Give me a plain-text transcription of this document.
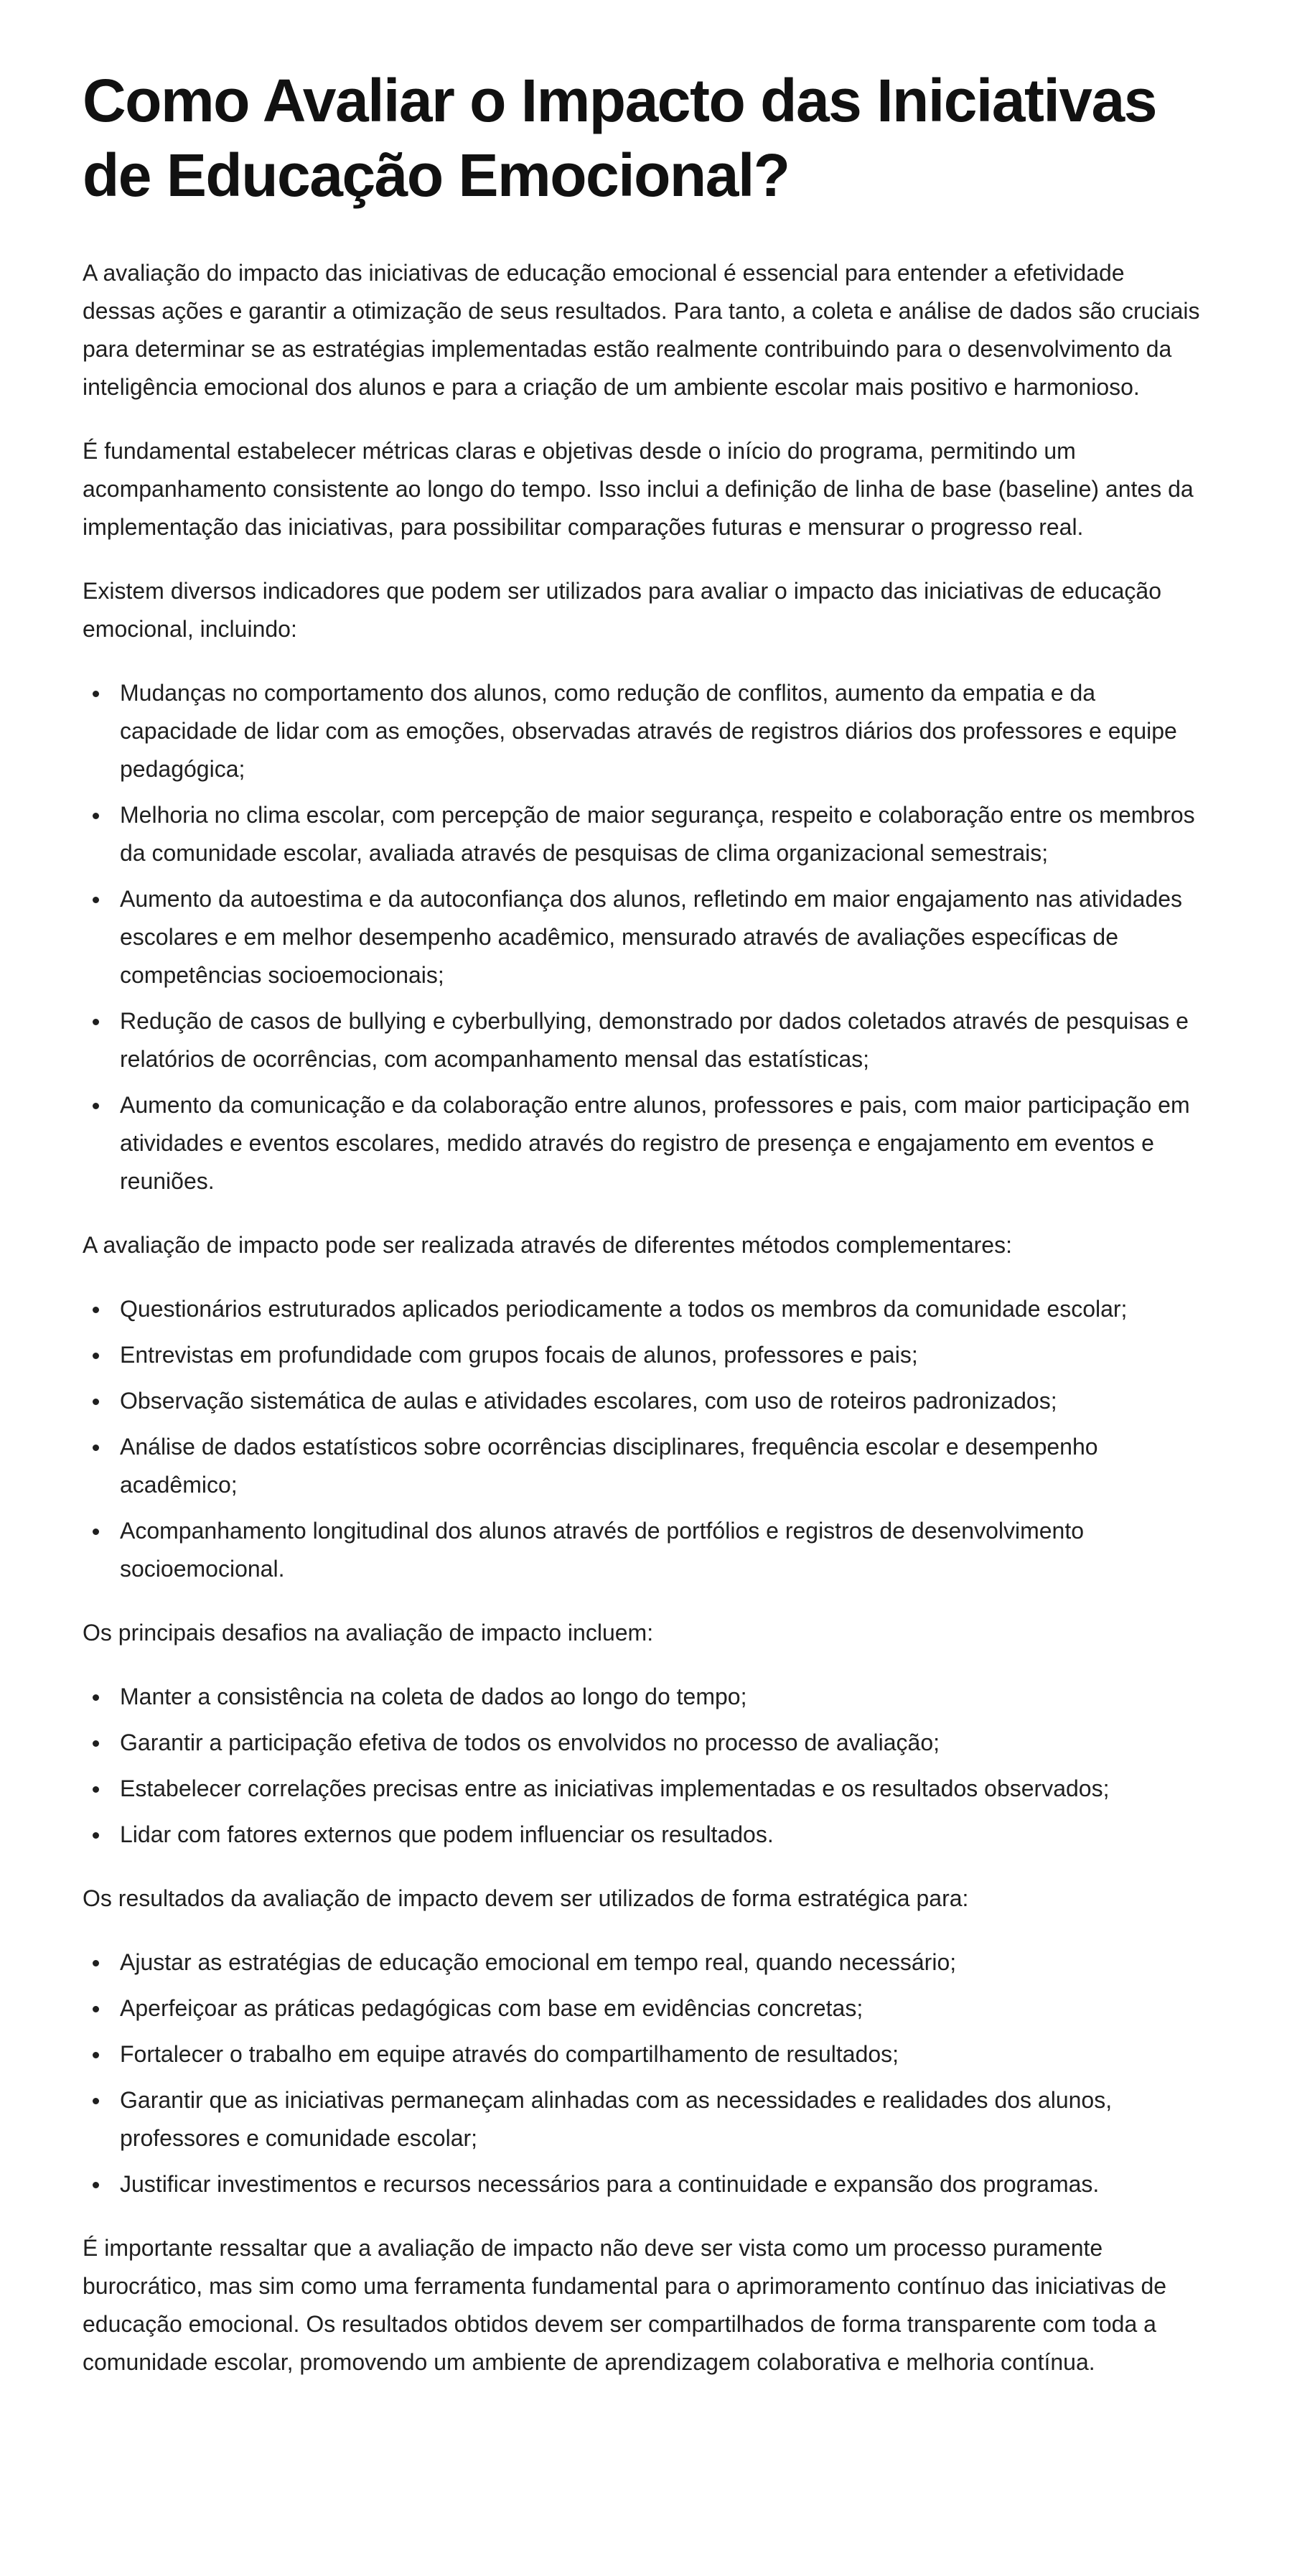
Como Avaliar o Impacto das Iniciativas de Educação Emocional?

A avaliação do impacto das iniciativas de educação emocional é essencial para entender a efetividade dessas ações e garantir a otimização de seus resultados. Para tanto, a coleta e análise de dados são cruciais para determinar se as estratégias implementadas estão realmente contribuindo para o desenvolvimento da inteligência emocional dos alunos e para a criação de um ambiente escolar mais positivo e harmonioso.

É fundamental estabelecer métricas claras e objetivas desde o início do programa, permitindo um acompanhamento consistente ao longo do tempo. Isso inclui a definição de linha de base (baseline) antes da implementação das iniciativas, para possibilitar comparações futuras e mensurar o progresso real.

Existem diversos indicadores que podem ser utilizados para avaliar o impacto das iniciativas de educação emocional, incluindo:

Mudanças no comportamento dos alunos, como redução de conflitos, aumento da empatia e da capacidade de lidar com as emoções, observadas através de registros diários dos professores e equipe pedagógica;
Melhoria no clima escolar, com percepção de maior segurança, respeito e colaboração entre os membros da comunidade escolar, avaliada através de pesquisas de clima organizacional semestrais;
Aumento da autoestima e da autoconfiança dos alunos, refletindo em maior engajamento nas atividades escolares e em melhor desempenho acadêmico, mensurado através de avaliações específicas de competências socioemocionais;
Redução de casos de bullying e cyberbullying, demonstrado por dados coletados através de pesquisas e relatórios de ocorrências, com acompanhamento mensal das estatísticas;
Aumento da comunicação e da colaboração entre alunos, professores e pais, com maior participação em atividades e eventos escolares, medido através do registro de presença e engajamento em eventos e reuniões.

A avaliação de impacto pode ser realizada através de diferentes métodos complementares:

Questionários estruturados aplicados periodicamente a todos os membros da comunidade escolar;
Entrevistas em profundidade com grupos focais de alunos, professores e pais;
Observação sistemática de aulas e atividades escolares, com uso de roteiros padronizados;
Análise de dados estatísticos sobre ocorrências disciplinares, frequência escolar e desempenho acadêmico;
Acompanhamento longitudinal dos alunos através de portfólios e registros de desenvolvimento socioemocional.

Os principais desafios na avaliação de impacto incluem:

Manter a consistência na coleta de dados ao longo do tempo;
Garantir a participação efetiva de todos os envolvidos no processo de avaliação;
Estabelecer correlações precisas entre as iniciativas implementadas e os resultados observados;
Lidar com fatores externos que podem influenciar os resultados.

Os resultados da avaliação de impacto devem ser utilizados de forma estratégica para:

Ajustar as estratégias de educação emocional em tempo real, quando necessário;
Aperfeiçoar as práticas pedagógicas com base em evidências concretas;
Fortalecer o trabalho em equipe através do compartilhamento de resultados;
Garantir que as iniciativas permaneçam alinhadas com as necessidades e realidades dos alunos, professores e comunidade escolar;
Justificar investimentos e recursos necessários para a continuidade e expansão dos programas.

É importante ressaltar que a avaliação de impacto não deve ser vista como um processo puramente burocrático, mas sim como uma ferramenta fundamental para o aprimoramento contínuo das iniciativas de educação emocional. Os resultados obtidos devem ser compartilhados de forma transparente com toda a comunidade escolar, promovendo um ambiente de aprendizagem colaborativa e melhoria contínua.
